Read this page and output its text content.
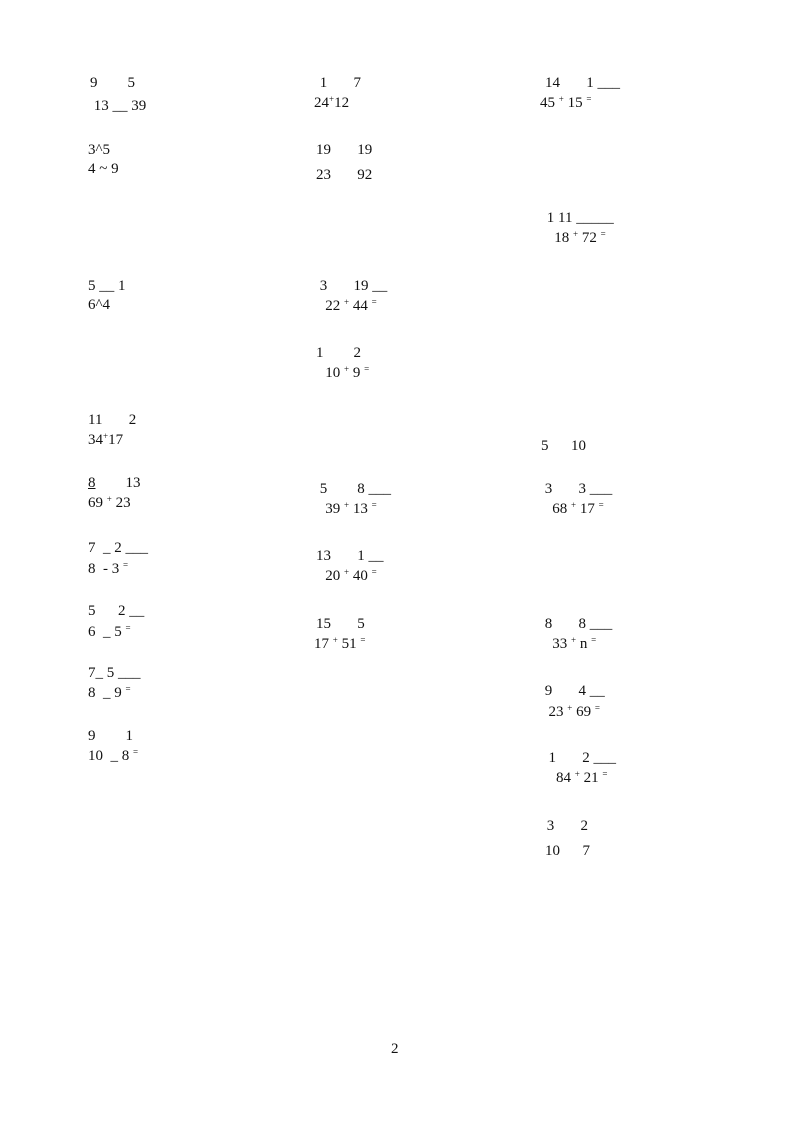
9        5
13 __ 39
3^5
4 ~ 9
5 __ 1
6^4
11       2
34+17
8        13
69 + 23
7  _ 2 ___
8  - 3 =
5      2 __
6  _ 5 =
7_ 5 ___
8  _ 9 =
9        1
10  _ 8 =
1       7
24+12
19       19
23       92
3       19 __
22 + 44 =
1        2
10 + 9 =
5        8 ___
39 + 13 =
13       1 __
20 + 40 =
15       5
17 + 51 =
14       1 ___
45 + 15 =
1 11 _____
18 + 72 =
5      10
3       3 ___
68 + 17 =
8       8 ___
33 + n =
9       4 __
23 + 69 =
1       2 ___
84 + 21 =
3       2
10      7
2
